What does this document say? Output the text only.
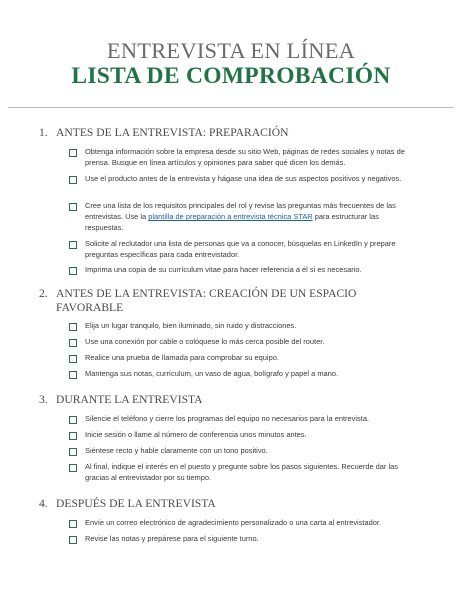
ENTREVISTA EN LÍNEA
LISTA DE COMPROBACIÓN
1. ANTES DE LA ENTREVISTA: PREPARACIÓN
Obtenga información sobre la empresa desde su sitio Web, páginas de redes sociales y notas de prensa. Busque en línea artículos y opiniones para saber qué dicen los demás.
Use el producto antes de la entrevista y hágase una idea de sus aspectos positivos y negativos.
Cree una lista de los requisitos principales del rol y revise las preguntas más frecuentes de las entrevistas. Use la plantilla de preparación a entrevista técnica STAR para estructurar las respuestas.
Solicite al reclutador una lista de personas que va a conocer, búsquelas en LinkedIn y prepare preguntas específicas para cada entrevistador.
Imprima una copia de su currículum vitae para hacer referencia a él si es necesario.
2. ANTES DE LA ENTREVISTA: CREACIÓN DE UN ESPACIO FAVORABLE
Elija un lugar tranquilo, bien iluminado, sin ruido y distracciones.
Use una conexión por cable o colóquese lo más cerca posible del router.
Realice una prueba de llamada para comprobar su equipo.
Mantenga sus notas, currículum, un vaso de agua, bolígrafo y papel a mano.
3. DURANTE LA ENTREVISTA
Silencie el teléfono y cierre los programas del equipo no necesarios para la entrevista.
Inicie sesión o llame al número de conferencia unos minutos antes.
Siéntese recto y hable claramente con un tono positivo.
Al final, indique el interés en el puesto y pregunte sobre los pasos siguientes. Recuerde dar las gracias al entrevistador por su tiempo.
4. DESPUÉS DE LA ENTREVISTA
Envíe un correo electrónico de agradecimiento personalizado o una carta al entrevistador.
Revise las notas y prepárese para el siguiente turno.
